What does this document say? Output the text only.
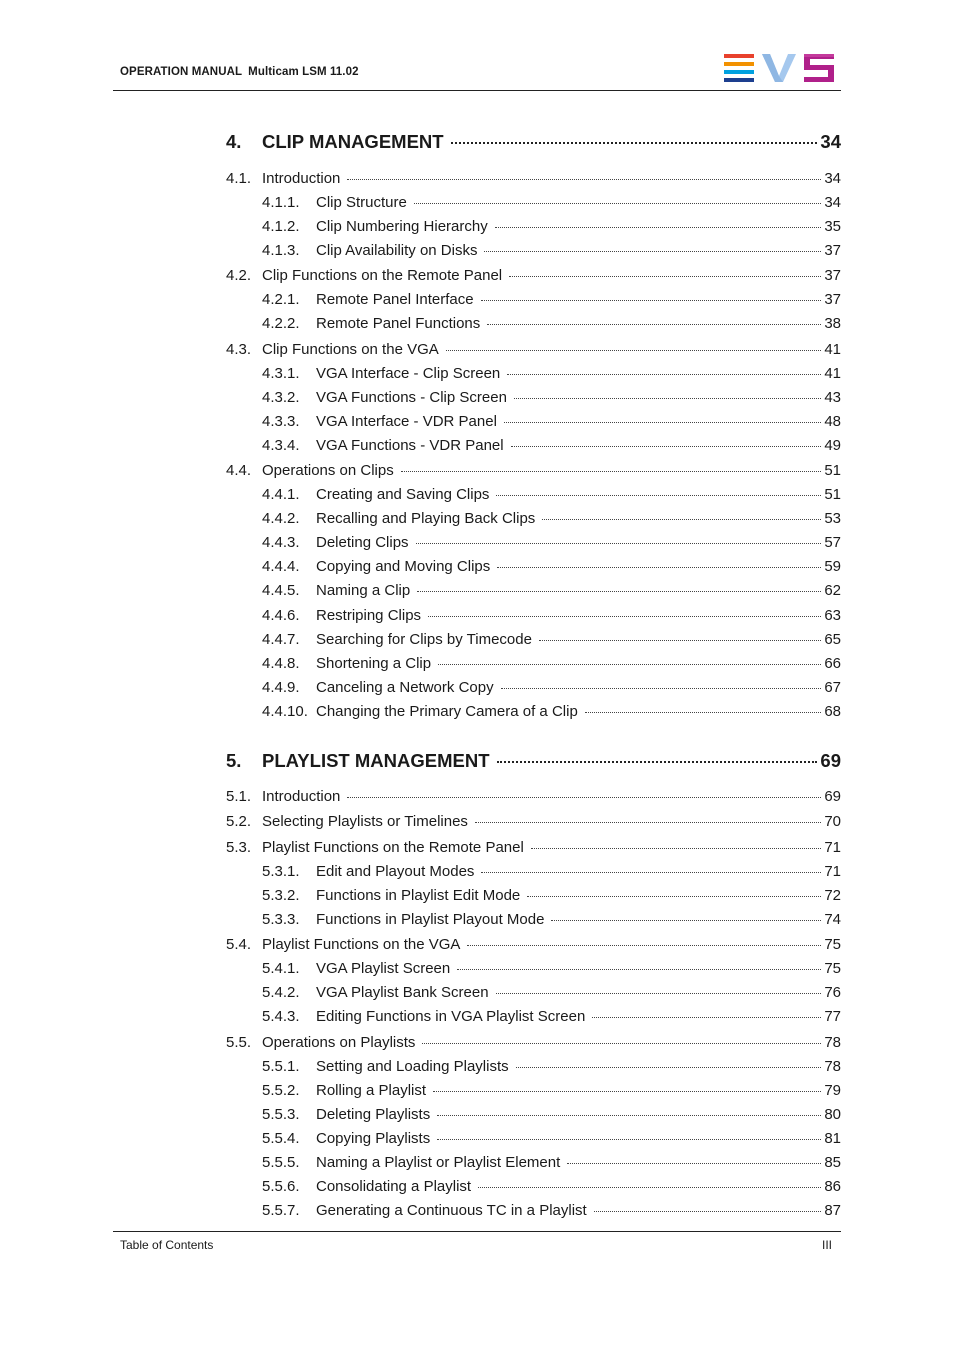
OPERATION MANUAL Multicam LSM 11.02
4.	CLIP MANAGEMENT	34
4.1. Introduction	34
4.1.1.	Clip Structure	34
4.1.2.	Clip Numbering Hierarchy	35
4.1.3.	Clip Availability on Disks	37
4.2. Clip Functions on the Remote Panel	37
4.2.1.	Remote Panel Interface	37
4.2.2.	Remote Panel Functions	38
4.3. Clip Functions on the VGA	41
4.3.1.	VGA Interface - Clip Screen	41
4.3.2.	VGA Functions - Clip Screen	43
4.3.3.	VGA Interface - VDR Panel	48
4.3.4.	VGA Functions - VDR Panel	49
4.4. Operations on Clips	51
4.4.1.	Creating and Saving Clips	51
4.4.2.	Recalling and Playing Back Clips	53
4.4.3.	Deleting Clips	57
4.4.4.	Copying and Moving Clips	59
4.4.5.	Naming a Clip	62
4.4.6.	Restriping Clips	63
4.4.7.	Searching for Clips by Timecode	65
4.4.8.	Shortening a Clip	66
4.4.9.	Canceling a Network Copy	67
4.4.10. Changing the Primary Camera of a Clip	68
5.	PLAYLIST MANAGEMENT	69
5.1. Introduction	69
5.2. Selecting Playlists or Timelines	70
5.3. Playlist Functions on the Remote Panel	71
5.3.1.	Edit and Playout Modes	71
5.3.2.	Functions in Playlist Edit Mode	72
5.3.3.	Functions in Playlist Playout Mode	74
5.4. Playlist Functions on the VGA	75
5.4.1.	VGA Playlist Screen	75
5.4.2.	VGA Playlist Bank Screen	76
5.4.3.	Editing Functions in VGA Playlist Screen	77
5.5. Operations on Playlists	78
5.5.1.	Setting and Loading Playlists	78
5.5.2.	Rolling a Playlist	79
5.5.3.	Deleting Playlists	80
5.5.4.	Copying Playlists	81
5.5.5.	Naming a Playlist or Playlist Element	85
5.5.6.	Consolidating a Playlist	86
5.5.7.	Generating a Continuous TC in a Playlist	87
Table of Contents	III
